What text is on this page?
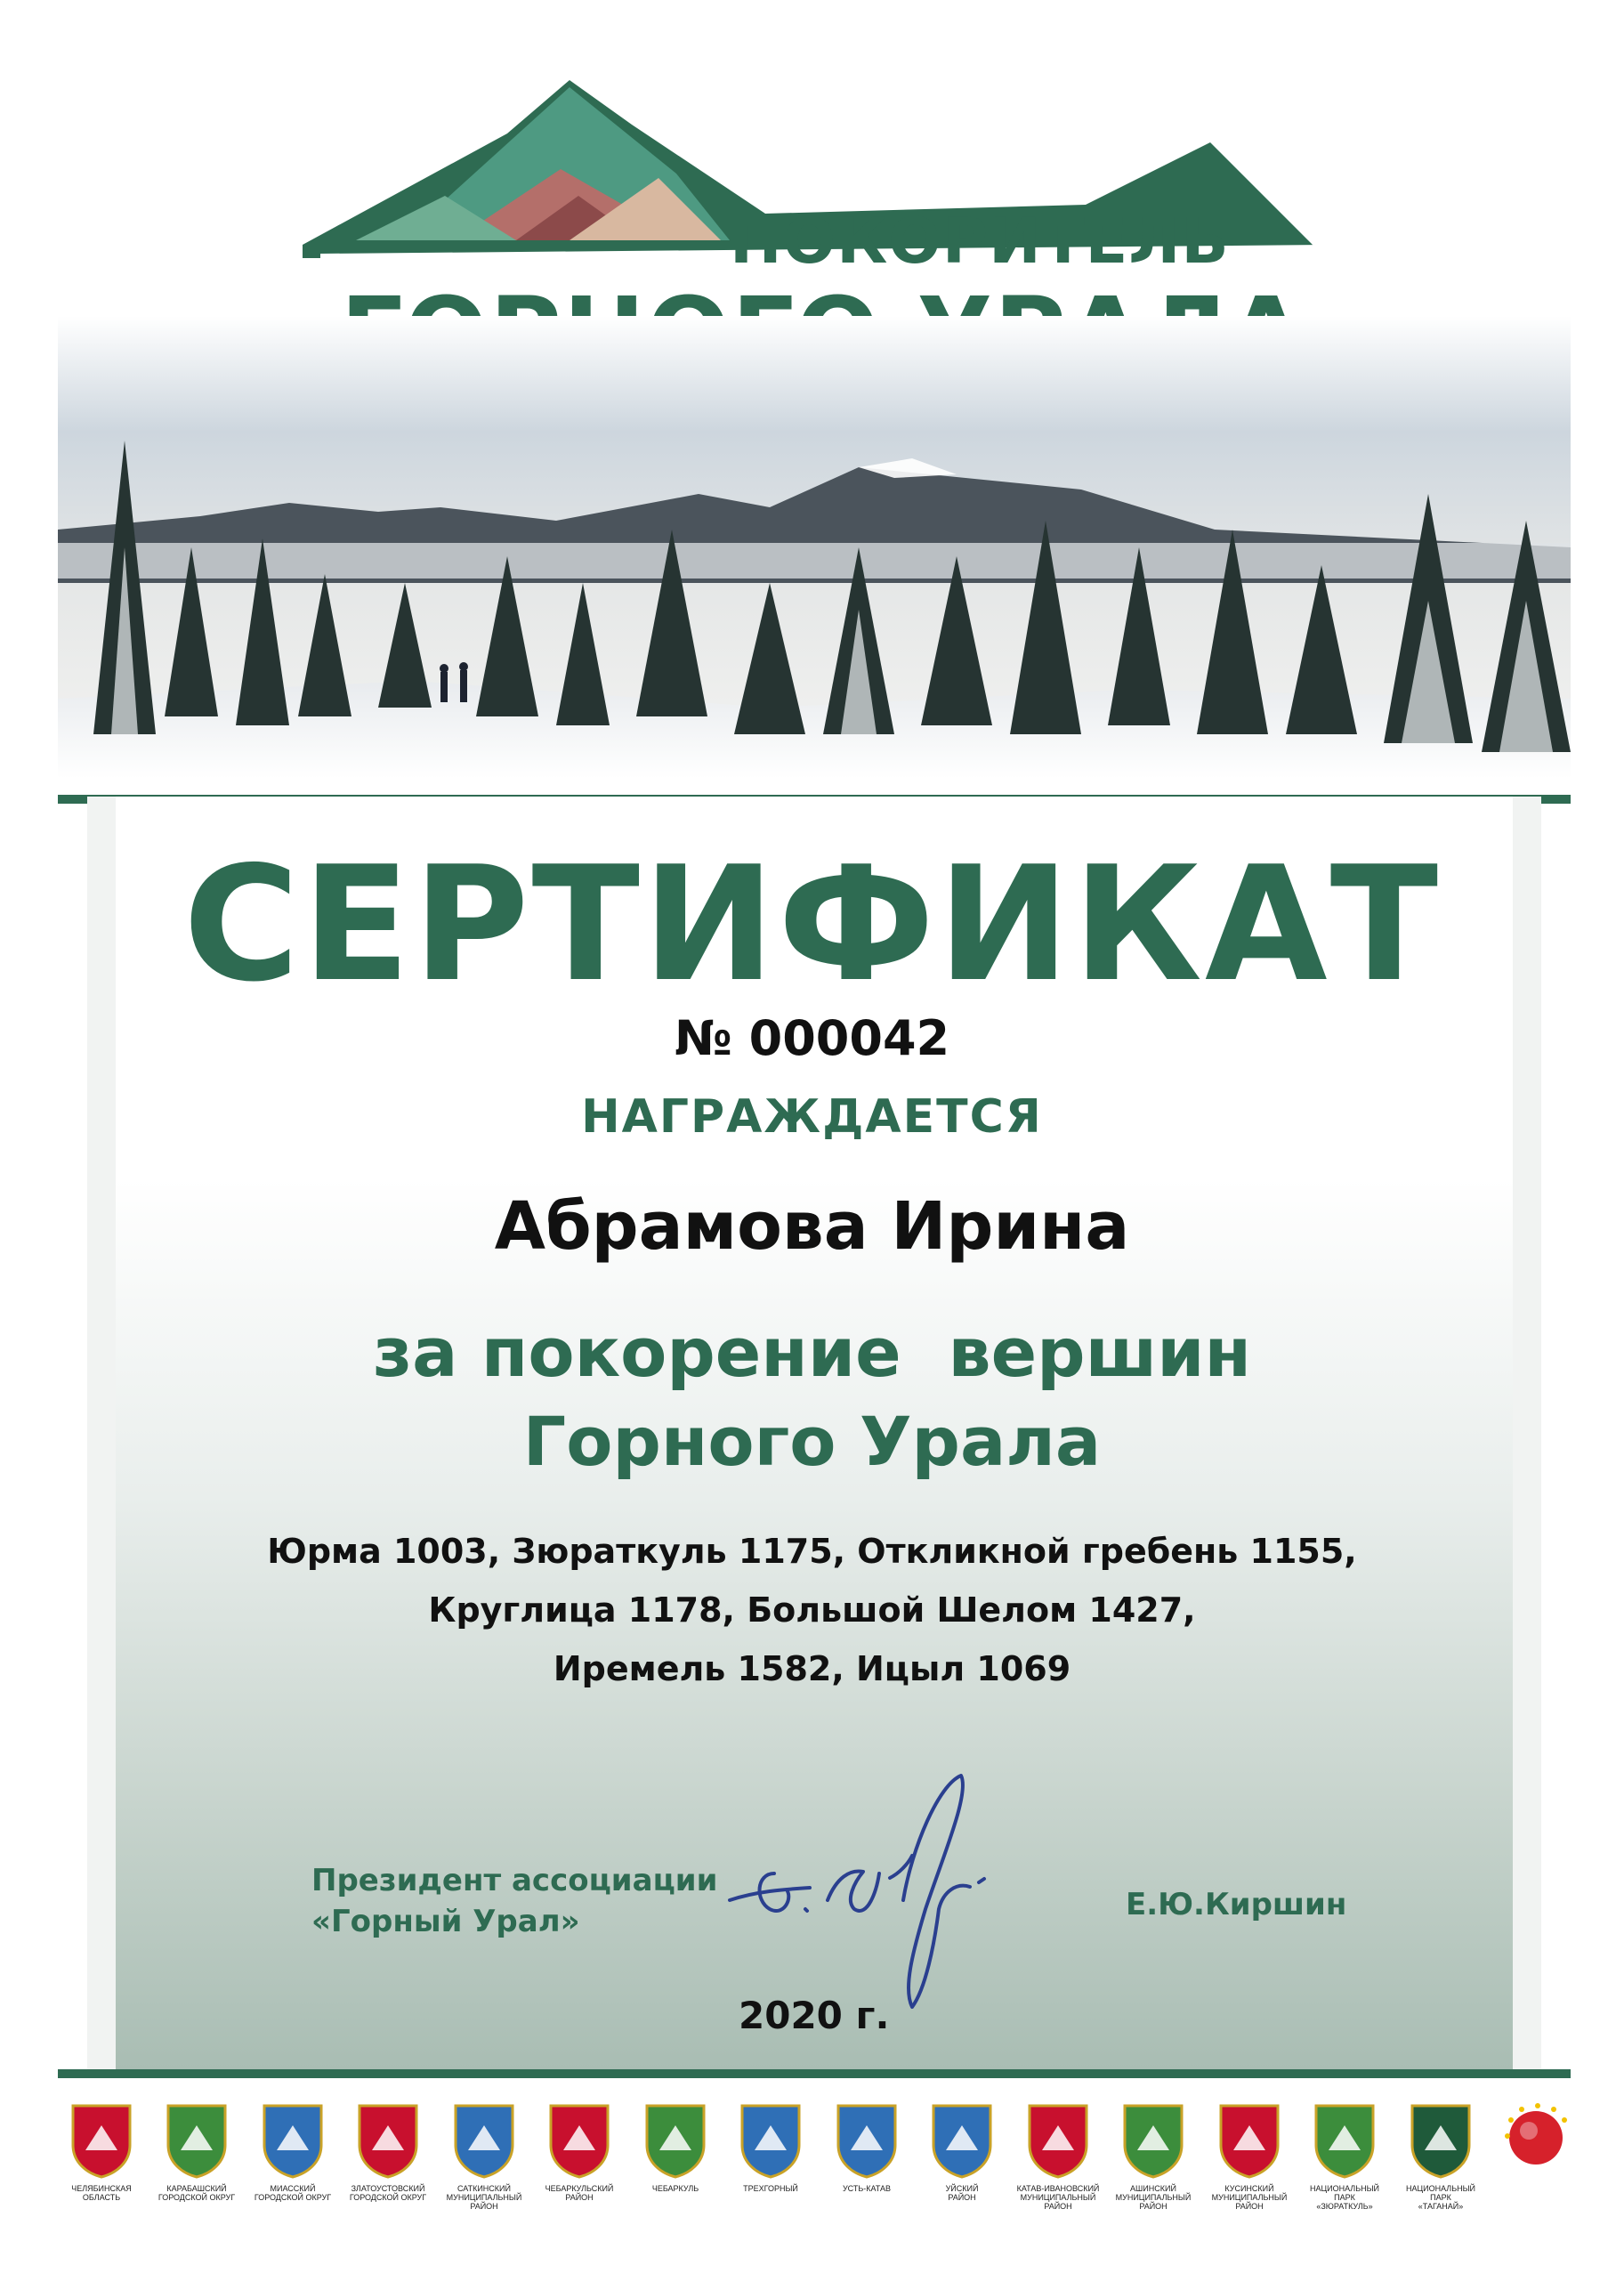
ПОКОРИТЕЛЬ
СЕРТИФИКАТ
№ 000042
НАГРАЖДАЕТСЯ
Абрамова Ирина
за покорение  вершин
Горного Урала
Юрма 1003, Зюраткуль 1175, Откликной гребень 1155,
Круглица 1178, Большой Шелом 1427,
Иремель 1582, Ицыл 1069
Президент ассоциации
«Горный Урал»	Е.Ю.Киршин
2020 г.
ЧЕЛЯБИНСКАЯ
ОБЛАСТЬ
КАРАБАШСКИЙ
ГОРОДСКОЙ ОКРУГ
МИАССКИЙ
ГОРОДСКОЙ ОКРУГ
ЗЛАТОУСТОВСКИЙ
ГОРОДСКОЙ ОКРУГ
САТКИНСКИЙ
МУНИЦИПАЛЬНЫЙ
РАЙОН
ЧЕБАРКУЛЬСКИЙ
РАЙОН
ЧЕБАРКУЛЬ	ТРЕХГОРНЫЙ	УСТЬ-КАТАВ	УЙСКИЙ
РАЙОН
КАТАВ-ИВАНОВСКИЙ
МУНИЦИПАЛЬНЫЙ
РАЙОН
АШИНСКИЙ
МУНИЦИПАЛЬНЫЙ
РАЙОН
КУСИНСКИЙ
МУНИЦИПАЛЬНЫЙ
РАЙОН
НАЦИОНАЛЬНЫЙ
ПАРК
«ЗЮРАТКУЛЬ»
НАЦИОНАЛЬНЫЙ
ПАРК
«ТАГАНАЙ»
